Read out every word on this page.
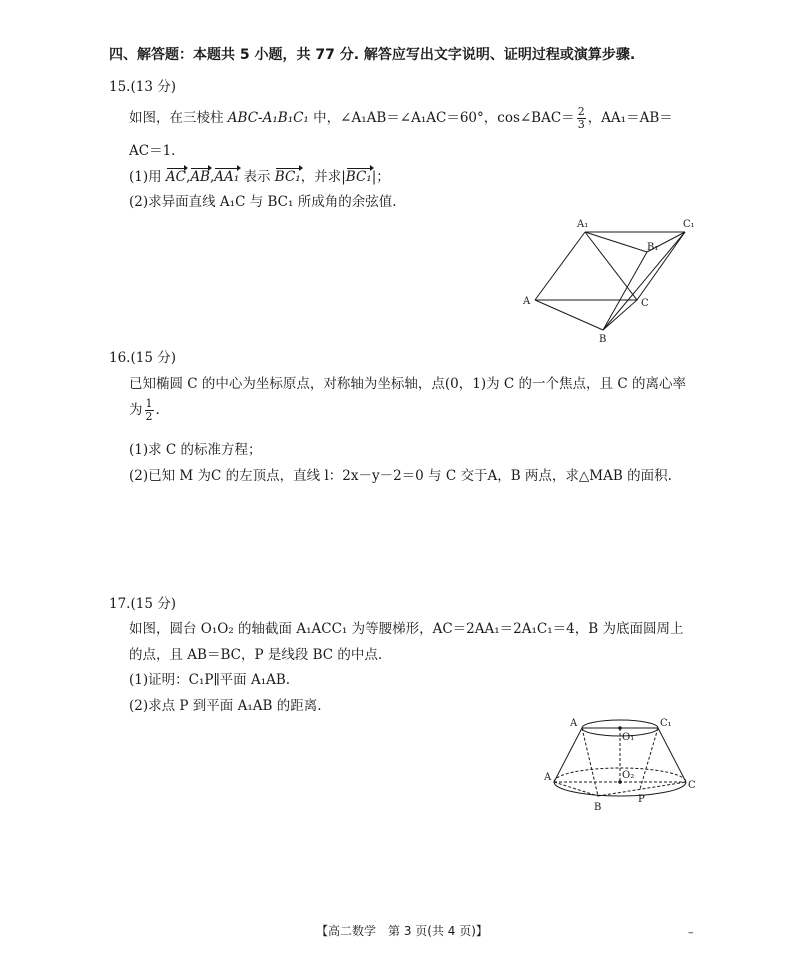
四、解答题：本题共 5 小题，共 77 分. 解答应写出文字说明、证明过程或演算步骤.
15.(13 分)
如图，在三棱柱 ABC-A₁B₁C₁ 中，∠A₁AB＝∠A₁AC＝60°，cos∠BAC＝ $\frac{2}{3}$ ，AA₁＝AB＝
AC＝1.
(1)用 AC,AB,AA₁ 表示 BC₁，并求|BC₁|；
(2)求异面直线 A₁C 与 BC₁ 所成角的余弦值.
A₁	C₁
B₁
A	C
B
16.(15 分)
已知椭圆 C 的中心为坐标原点，对称轴为坐标轴，点(0，1)为 C 的一个焦点，且 C 的离心率
为 $\frac{1}{2}$ .
(1)求 C 的标准方程；
(2)已知 M 为C 的左顶点，直线 l：2x－y－2＝0 与 C 交于A，B 两点，求△MAB 的面积.
17.(15 分)
如图，圆台 O₁O₂ 的轴截面 A₁ACC₁ 为等腰梯形，AC＝2AA₁＝2A₁C₁＝4，B 为底面圆周上
的点，且 AB＝BC，P 是线段 BC 的中点.
(1)证明：C₁P∥平面 A₁AB.
(2)求点 P 到平面 A₁AB 的距离.
A	C₁
O₁
A	O₂
C
P
B
【高二数学　第 3 页(共 4 页)】	–
